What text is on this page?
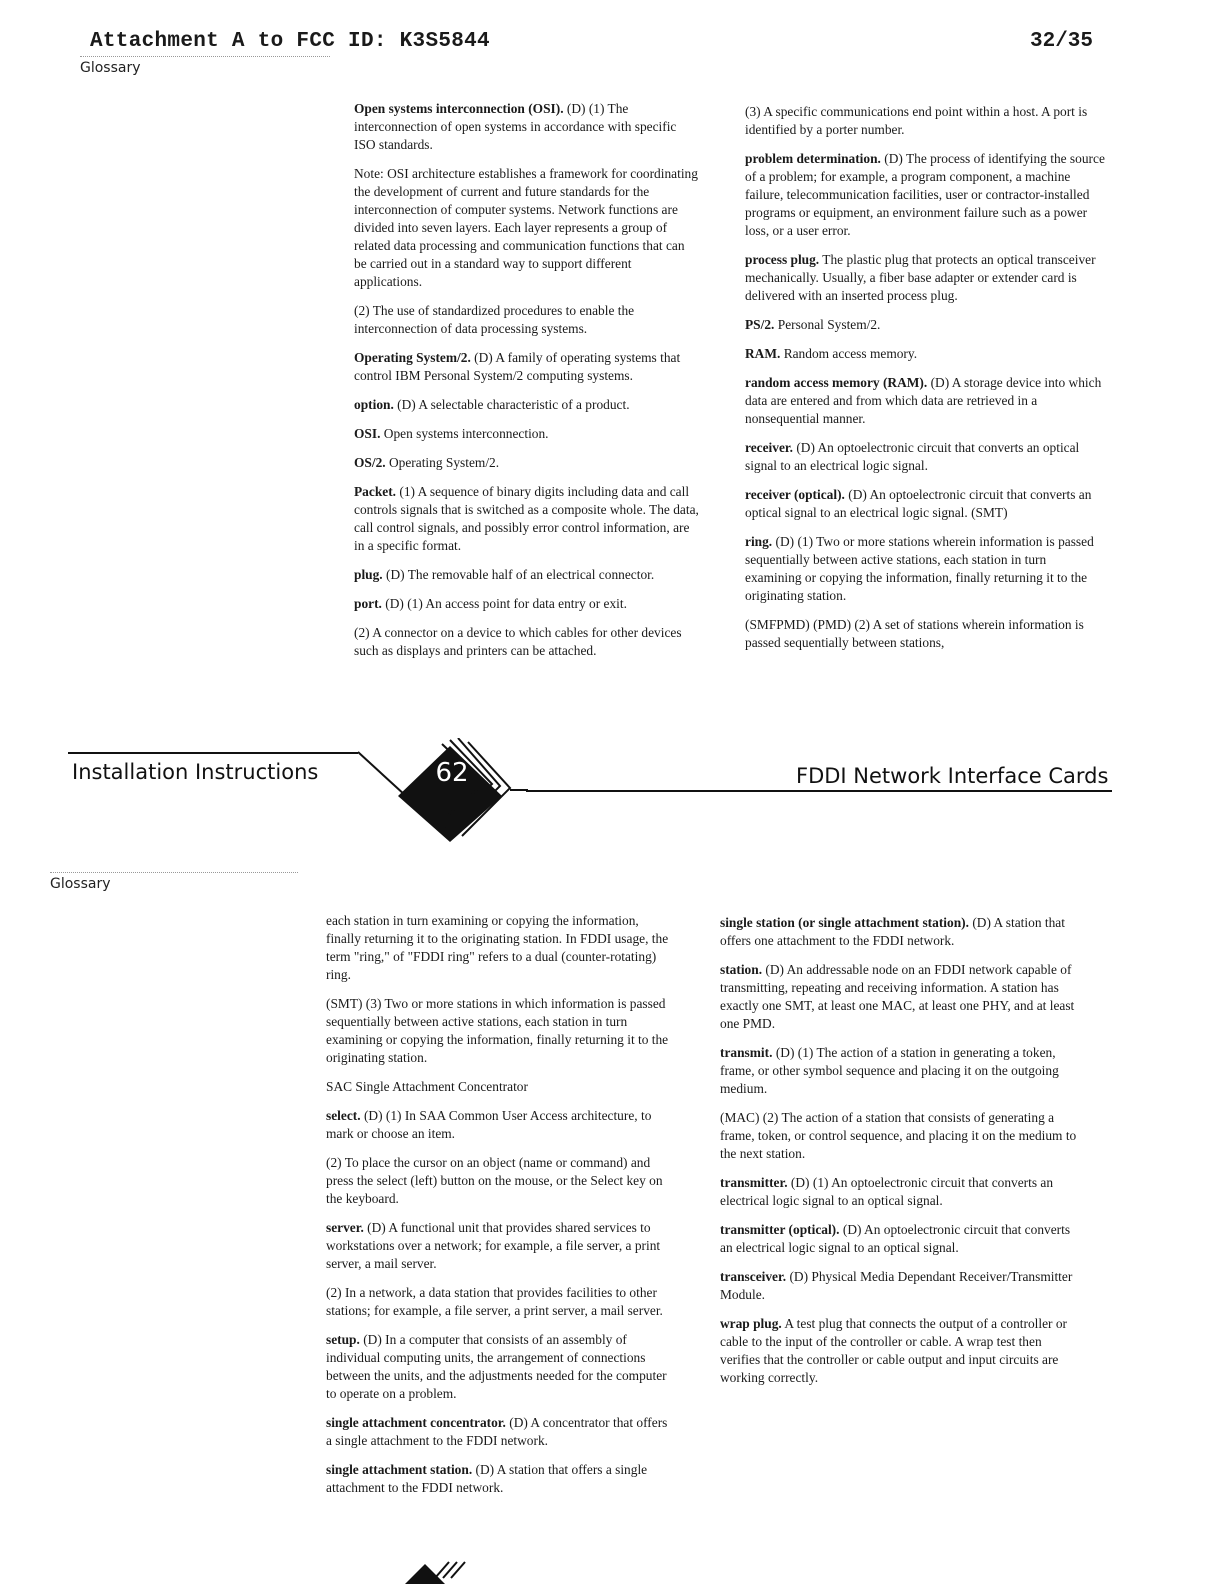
Attachment A to FCC ID: K3S5844	32/35
Glossary

Open systems interconnection (OSI). (D) (1) The interconnection of open systems in accordance with specific ISO standards.

Note: OSI architecture establishes a framework for coordinating the development of current and future standards for the interconnection of computer systems. Network functions are divided into seven layers. Each layer represents a group of related data processing and communication functions that can be carried out in a standard way to support different applications.

(2) The use of standardized procedures to enable the interconnection of data processing systems.

Operating System/2. (D) A family of operating systems that control IBM Personal System/2 computing systems.

option. (D) A selectable characteristic of a product.

OSI. Open systems interconnection.

OS/2. Operating System/2.

Packet. (1) A sequence of binary digits including data and call controls signals that is switched as a composite whole. The data, call control signals, and possibly error control information, are in a specific format.

plug. (D) The removable half of an electrical connector.

port. (D) (1) An access point for data entry or exit.

(2) A connector on a device to which cables for other devices such as displays and printers can be attached.

(3) A specific communications end point within a host. A port is identified by a porter number.

problem determination. (D) The process of identifying the source of a problem; for example, a program component, a machine failure, telecommunication facilities, user or contractor-installed programs or equipment, an environment failure such as a power loss, or a user error.

process plug. The plastic plug that protects an optical transceiver mechanically. Usually, a fiber base adapter or extender card is delivered with an inserted process plug.

PS/2. Personal System/2.

RAM. Random access memory.

random access memory (RAM). (D) A storage device into which data are entered and from which data are retrieved in a nonsequential manner.

receiver. (D) An optoelectronic circuit that converts an optical signal to an electrical logic signal.

receiver (optical). (D) An optoelectronic circuit that converts an optical signal to an electrical logic signal. (SMT)

ring. (D) (1) Two or more stations wherein information is passed sequentially between active stations, each station in turn examining or copying the information, finally returning it to the originating station.

(SMFPMD) (PMD) (2) A set of stations wherein information is passed sequentially between stations,

Installation Instructions	FDDI Network Interface Cards
62
Glossary

each station in turn examining or copying the information, finally returning it to the originating station. In FDDI usage, the term "ring," of "FDDI ring" refers to a dual (counter-rotating) ring.

(SMT) (3) Two or more stations in which information is passed sequentially between active stations, each station in turn examining or copying the information, finally returning it to the originating station.

SAC Single Attachment Concentrator

select. (D) (1) In SAA Common User Access architecture, to mark or choose an item.

(2) To place the cursor on an object (name or command) and press the select (left) button on the mouse, or the Select key on the keyboard.

server. (D) A functional unit that provides shared services to workstations over a network; for example, a file server, a print server, a mail server.

(2) In a network, a data station that provides facilities to other stations; for example, a file server, a print server, a mail server.

setup. (D) In a computer that consists of an assembly of individual computing units, the arrangement of connections between the units, and the adjustments needed for the computer to operate on a problem.

single attachment concentrator. (D) A concentrator that offers a single attachment to the FDDI network.

single attachment station. (D) A station that offers a single attachment to the FDDI network.

single station (or single attachment station). (D) A station that offers one attachment to the FDDI network.

station. (D) An addressable node on an FDDI network capable of transmitting, repeating and receiving information. A station has exactly one SMT, at least one MAC, at least one PHY, and at least one PMD.

transmit. (D) (1) The action of a station in generating a token, frame, or other symbol sequence and placing it on the outgoing medium.

(MAC) (2) The action of a station that consists of generating a frame, token, or control sequence, and placing it on the medium to the next station.

transmitter. (D) (1) An optoelectronic circuit that converts an electrical logic signal to an optical signal.

transmitter (optical). (D) An optoelectronic circuit that converts an electrical logic signal to an optical signal.

transceiver. (D) Physical Media Dependant Receiver/Transmitter Module.

wrap plug. A test plug that connects the output of a controller or cable to the input of the controller or cable. A wrap test then verifies that the controller or cable output and input circuits are working correctly.
